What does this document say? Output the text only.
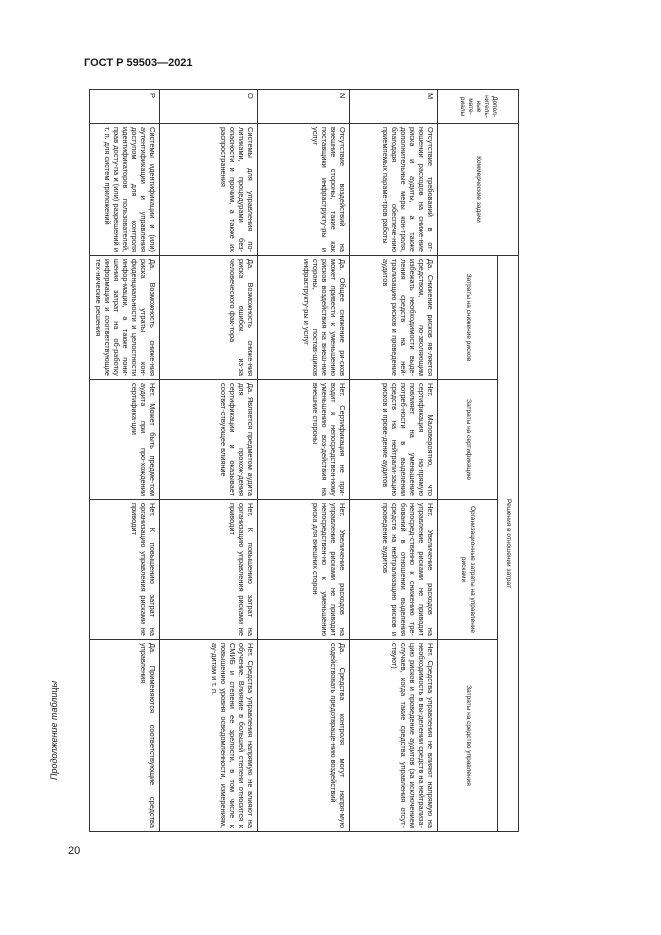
ГОСТ Р 59503—2021
Продолжение таблицы
20
Допол-нитель-ные мате-риалы	Коммерческие задачи	Решения в отношении затрат			
		Затраты на снижение рисков	Затраты на сертификацию	Организационные затраты на управление рисками	Затраты на средство управления
M	Отсутствие требований в от-ношении расходов на сниже-ние риска и аудиты, а также дополнительные меры кон-троля, благодаря обеспече-нию приемлемых параме-тров работы	Да. Снижение рисков яв-ляется средством, по-зволяющим избежать необходимости выде-ления средств на ней-трализацию рисков и проведение аудитов	Нет. Маловероятно, что сертификация на-прямую повлияет на уменьшение потреб-ности в выделении средств на нейтрали-зацию рисков и прове-дение аудитов	Нет. Увеличение расходов на управление рисками не приводит непосред-ственно к снижению тре-бований в отношении выделения средств на нейтрализацию рисков и проведение аудитов	Нет. Средства управления не влияют напрямую на необходимость в вы-делении средств на нейтрализа-цию рисков и проведение аудитов (за исключением случаев, когда такие средства управления отсут-ствуют)
N	Отсутствие воздействий на внешние стороны, такие как поставщики инфраструкту-ры и услуг	Да. Общее снижение ри-сков может привести к уменьшению рисков воздействия на внеш-ние стороны, постав-щиков инфраструкту-ры и услуг	Нет. Сертификация не при-водит к непосредствен-ному уменьшению воз-действия на внешние стороны	Нет. Увеличение расходов на управление рисками не приводит непосредствен-но к уменьшению риска для внешних сторон	Да. Средства контроля могут напря-мую содействовать предотвраще-нию воздействий
O	Системы для управления по-литиками, процедурами без-опасности и прочим, а также их распространения	Да. Возможность сниже-ния риска ошибок из-за человеческого фак-тора	Да. Является предметом аудита для прохож-дения сертификации и оказывает соответ-ствующее влияние	Нет. К повышению затрат на организацию управления рисками не приводит	Нет. Средства управления напрямую не влияют на обучение. Влияние в большей степени относится к СМИБ и степени ее зрелости, в том числе к повышению уровня осведомленности, измерениям, ау-дитам и т. п.
P	Системы идентификации и (или) аутентификации и управления доступом для контроля идентификаторов пользователей, прав досту-па и (или) разрешений и т. п. для систем приложений	Да. Возможность сниже-ния риска утраты кон-фиденциальности и целостности инфор-мации, а также пони-шения затрат на об-работку информации и соответствующие тех-нические решения	Нет. Может быть предме-том аудита при про-хождении сертифика-ции	Нет. К повышению затрат на организацию управления рисками не приводит	Да. Применяются соответствующие средства управления
